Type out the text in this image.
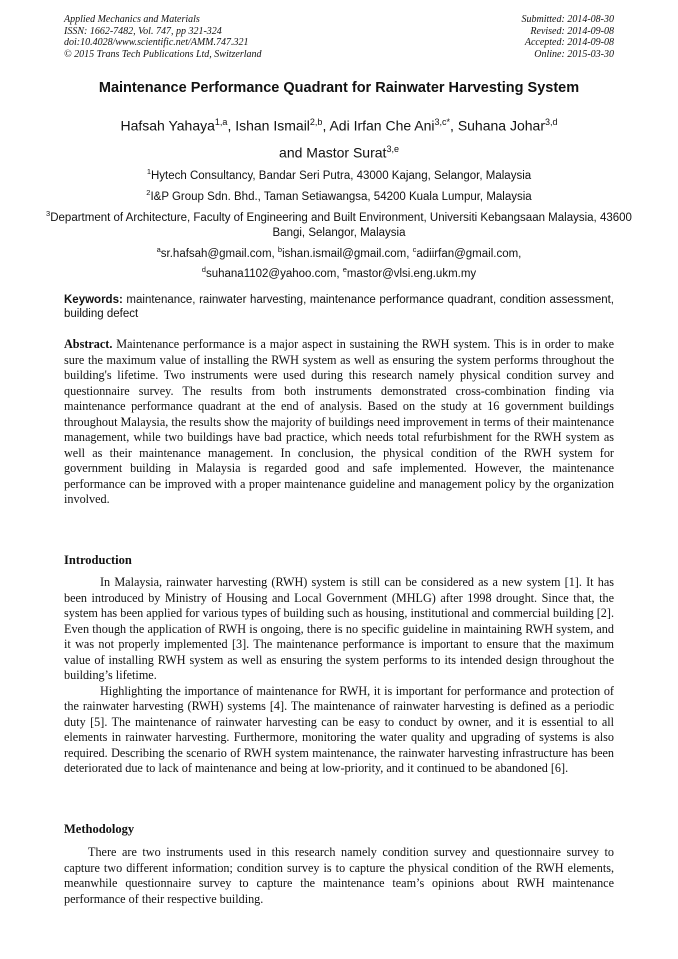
Applied Mechanics and Materials
ISSN: 1662-7482, Vol. 747, pp 321-324
doi:10.4028/www.scientific.net/AMM.747.321
© 2015 Trans Tech Publications Ltd, Switzerland
Submitted: 2014-08-30
Revised: 2014-09-08
Accepted: 2014-09-08
Online: 2015-03-30
Maintenance Performance Quadrant for Rainwater Harvesting System
Hafsah Yahaya$^{1,a}$, Ishan Ismail$^{2,b}$, Adi Irfan Che Ani$^{3,c*}$, Suhana Johar$^{3,d}$
and Mastor Surat$^{3,e}$
$^1$Hytech Consultancy, Bandar Seri Putra, 43000 Kajang, Selangor, Malaysia
$^2$I&P Group Sdn. Bhd., Taman Setiawangsa, 54200 Kuala Lumpur, Malaysia
$^3$Department of Architecture, Faculty of Engineering and Built Environment, Universiti Kebangsaan Malaysia, 43600 Bangi, Selangor, Malaysia
$^a$sr.hafsah@gmail.com, $^b$ishan.ismail@gmail.com, $^c$adiirfan@gmail.com,
$^d$suhana1102@yahoo.com, $^e$mastor@vlsi.eng.ukm.my
Keywords: maintenance, rainwater harvesting, maintenance performance quadrant, condition assessment, building defect

Abstract. Maintenance performance is a major aspect in sustaining the RWH system. This is in order to make sure the maximum value of installing the RWH system as well as ensuring the system performs throughout the building's lifetime. Two instruments were used during this research namely physical condition survey and questionnaire survey. The results from both instruments demonstrated cross-combination finding via maintenance performance quadrant at the end of analysis. Based on the study at 16 government buildings throughout Malaysia, the results show the majority of buildings need improvement in terms of their maintenance management, while two buildings have bad practice, which needs total refurbishment for the RWH system as well as their maintenance management. In conclusion, the physical condition of the RWH system for government building in Malaysia is regarded good and safe implemented. However, the maintenance performance can be improved with a proper maintenance guideline and management policy by the organization involved.

Introduction

In Malaysia, rainwater harvesting (RWH) system is still can be considered as a new system [1]. It has been introduced by Ministry of Housing and Local Government (MHLG) after 1998 drought. Since that, the system has been applied for various types of building such as housing, institutional and commercial building [2]. Even though the application of RWH is ongoing, there is no specific guideline in maintaining RWH system, and it was not properly implemented [3]. The maintenance performance is important to ensure that the maximum value of installing RWH system as well as ensuring the system performs to its intended design throughout the building’s lifetime.

Highlighting the importance of maintenance for RWH, it is important for performance and protection of the rainwater harvesting (RWH) systems [4]. The maintenance of rainwater harvesting is defined as a periodic duty [5]. The maintenance of rainwater harvesting can be easy to conduct by owner, and it is essential to all elements in rainwater harvesting. Furthermore, monitoring the water quality and upgrading of systems is also required. Describing the scenario of RWH system maintenance, the rainwater harvesting infrastructure has been deteriorated due to lack of maintenance and being at low-priority, and it continued to be abandoned [6].

Methodology

There are two instruments used in this research namely condition survey and questionnaire survey to capture two different information; condition survey is to capture the physical condition of the RWH elements, meanwhile questionnaire survey to capture the maintenance team’s opinions about RWH maintenance performance of their respective building.
